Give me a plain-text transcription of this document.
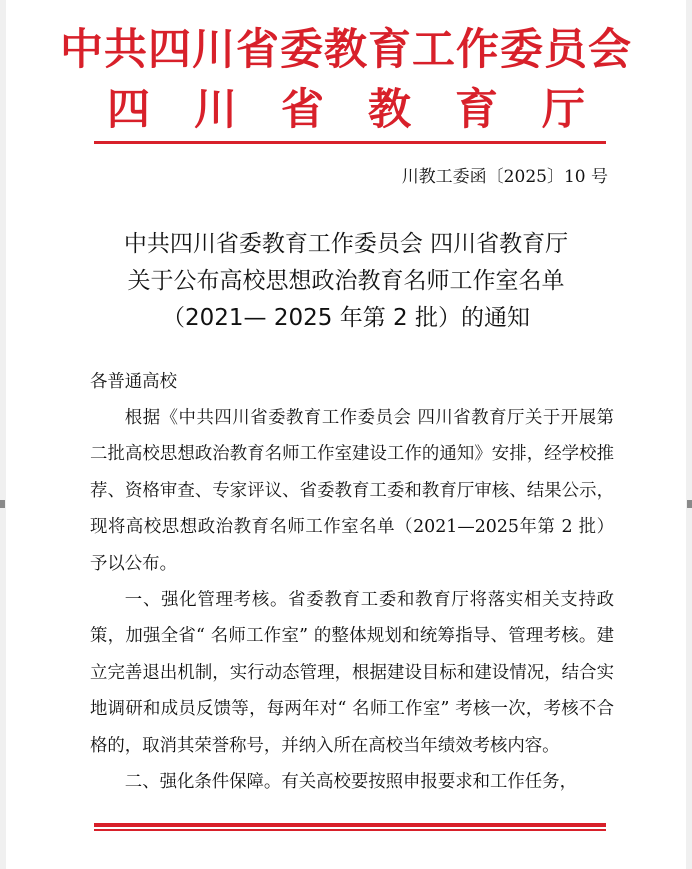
中共四川省委教育工作委员会
四川省教育厅
川教工委函〔2025〕10 号
中共四川省委教育工作委员会 四川省教育厅
关于公布高校思想政治教育名师工作室名单
（2021— 2025 年第 2 批）的通知
各普通高校

根据《中共四川省委教育工作委员会 四川省教育厅关于开展第二批高校思想政治教育名师工作室建设工作的通知》安排，经学校推荐、资格审查、专家评议、省委教育工委和教育厅审核、结果公示，现将高校思想政治教育名师工作室名单（2021—2025年第 2 批）予以公布。

一、强化管理考核。省委教育工委和教育厅将落实相关支持政策，加强全省“ 名师工作室” 的整体规划和统筹指导、管理考核。建立完善退出机制，实行动态管理，根据建设目标和建设情况，结合实地调研和成员反馈等，每两年对“ 名师工作室” 考核一次，考核不合格的，取消其荣誉称号，并纳入所在高校当年绩效考核内容。

二、强化条件保障。有关高校要按照申报要求和工作任务，
